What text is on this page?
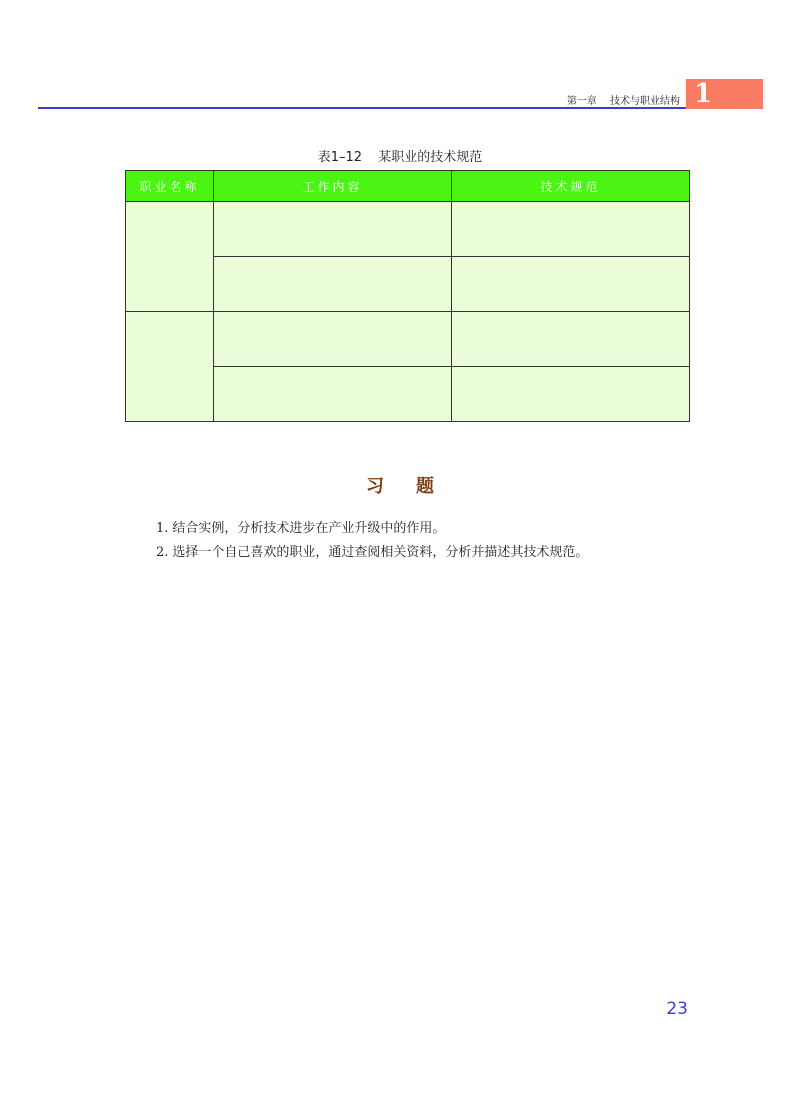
第一章 技术与职业结构 1
表1–12 某职业的技术规范
职业名称	工作内容	技术规范

习题
1. 结合实例，分析技术进步在产业升级中的作用。
2. 选择一个自己喜欢的职业，通过查阅相关资料，分析并描述其技术规范。
23
